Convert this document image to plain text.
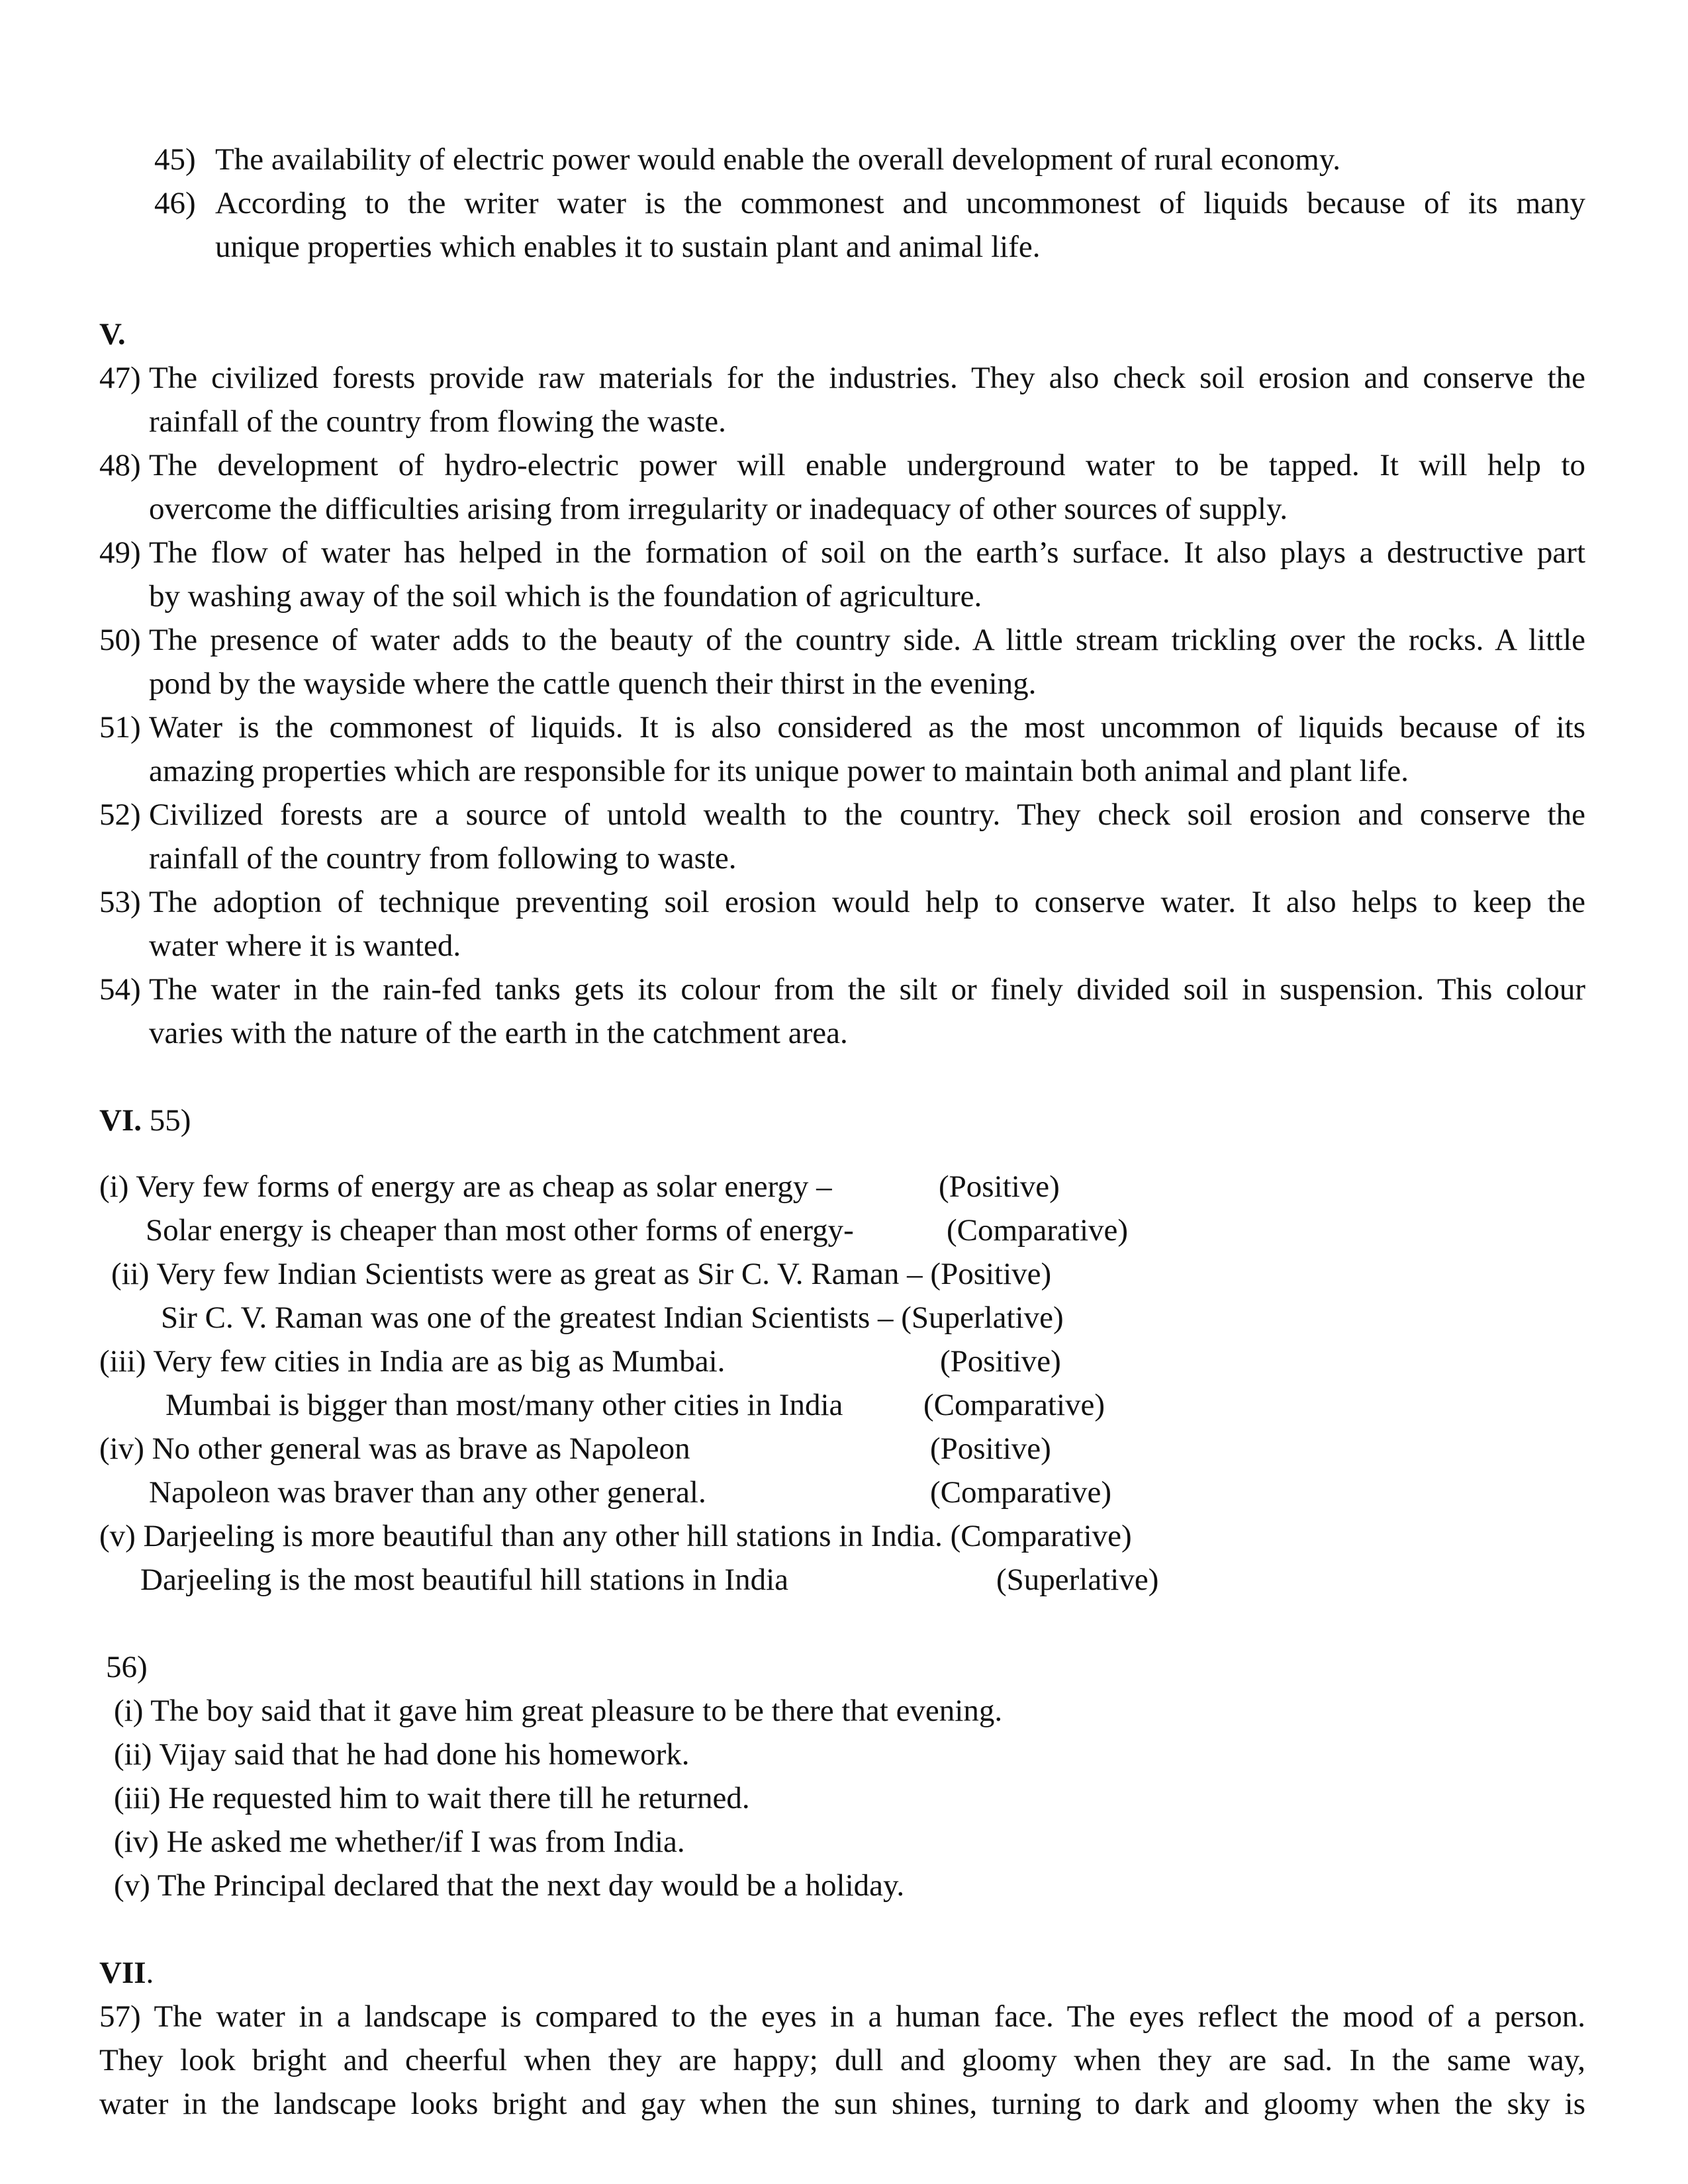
45) The availability of electric power would enable the overall development of rural economy.
46) According to the writer water is the commonest and uncommonest of liquids because of its many
unique properties which enables it to sustain plant and animal life.
V.
47) The civilized forests provide raw materials for the industries. They also check soil erosion and conserve the
rainfall of the country from flowing the waste.
48) The development of hydro-electric power will enable underground water to be tapped. It will help to
overcome the difficulties arising from irregularity or inadequacy of other sources of supply.
49) The flow of water has helped in the formation of soil on the earth’s surface. It also plays a destructive part
by washing away of the soil which is the foundation of agriculture.
50) The presence of water adds to the beauty of the country side. A little stream trickling over the rocks. A little
pond by the wayside where the cattle quench their thirst in the evening.
51) Water is the commonest of liquids. It is also considered as the most uncommon of liquids because of its
amazing properties which are responsible for its unique power to maintain both animal and plant life.
52) Civilized forests are a source of untold wealth to the country. They check soil erosion and conserve the
rainfall of the country from following to waste.
53) The adoption of technique preventing soil erosion would help to conserve water. It also helps to keep the
water where it is wanted.
54) The water in the rain-fed tanks gets its colour from the silt or finely divided soil in suspension. This colour
varies with the nature of the earth in the catchment area.
VI. 55)
(i) Very few forms of energy are as cheap as solar energy –	(Positive)
Solar energy is cheaper than most other forms of energy-	(Comparative)
(ii) Very few Indian Scientists were as great as Sir C. V. Raman – (Positive)
Sir C. V. Raman was one of the greatest Indian Scientists – (Superlative)
(iii) Very few cities in India are as big as Mumbai.	(Positive)
Mumbai is bigger than most/many other cities in India	(Comparative)
(iv) No other general was as brave as Napoleon	(Positive)
Napoleon was braver than any other general.	(Comparative)
(v) Darjeeling is more beautiful than any other hill stations in India. (Comparative)
Darjeeling is the most beautiful hill stations in India	(Superlative)
56)
(i) The boy said that it gave him great pleasure to be there that evening.
(ii) Vijay said that he had done his homework.
(iii) He requested him to wait there till he returned.
(iv) He asked me whether/if I was from India.
(v) The Principal declared that the next day would be a holiday.
VII.
57) The water in a landscape is compared to the eyes in a human face. The eyes reflect the mood of a person.
They look bright and cheerful when they are happy; dull and gloomy when they are sad. In the same way,
water in the landscape looks bright and gay when the sun shines, turning to dark and gloomy when the sky is
